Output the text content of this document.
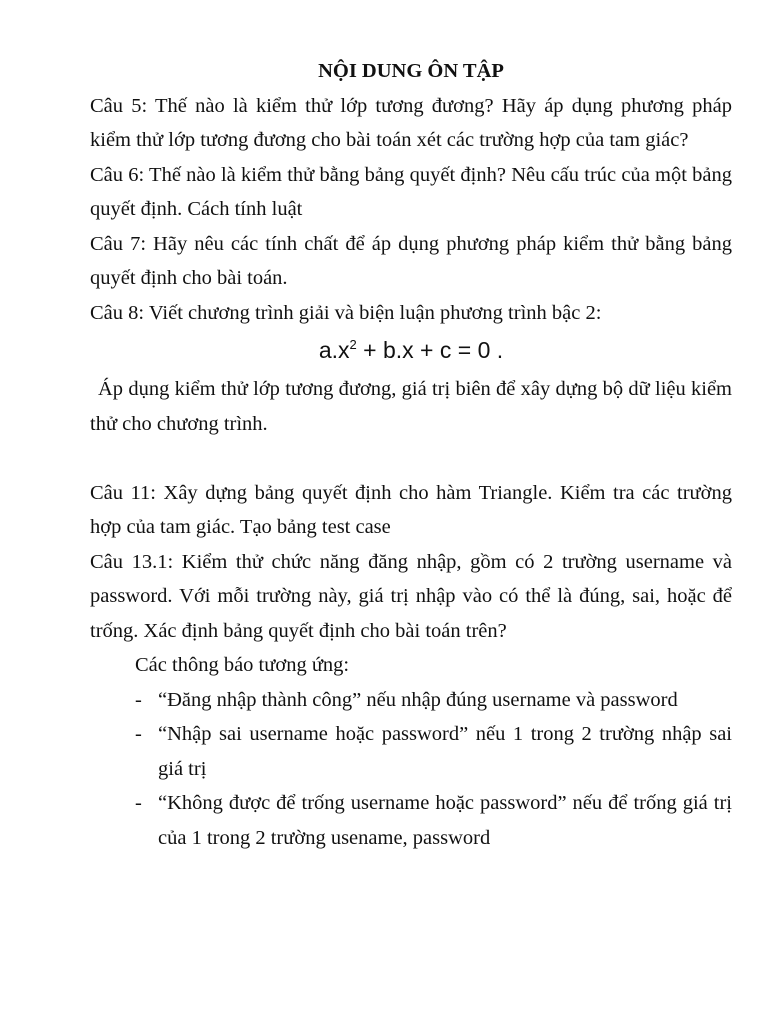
NỘI DUNG ÔN TẬP

Câu 5: Thế nào là kiểm thử lớp tương đương? Hãy áp dụng phương pháp kiểm thử lớp tương đương cho bài toán xét các trường hợp của tam giác?

Câu 6: Thế nào là kiểm thử bằng bảng quyết định? Nêu cấu trúc của một bảng quyết định. Cách tính luật

Câu 7: Hãy nêu các tính chất để áp dụng phương pháp kiểm thử bằng bảng quyết định cho bài toán.

Câu 8: Viết chương trình giải và biện luận phương trình bậc 2:

$a.x^2 + b.x + c = 0$ .

Áp dụng kiểm thử lớp tương đương, giá trị biên để xây dựng bộ dữ liệu kiểm thử cho chương trình.

Câu 11: Xây dựng bảng quyết định cho hàm Triangle. Kiểm tra các trường hợp của tam giác. Tạo bảng test case

Câu 13.1: Kiểm thử chức năng đăng nhập, gồm có 2 trường username và password. Với mỗi trường này, giá trị nhập vào có thể là đúng, sai, hoặc để trống. Xác định bảng quyết định cho bài toán trên?

Các thông báo tương ứng:

- “Đăng nhập thành công” nếu nhập đúng username và password
- “Nhập sai username hoặc password” nếu 1 trong 2 trường nhập sai giá trị
- “Không được để trống username hoặc password” nếu để trống giá trị của 1 trong 2 trường usename, password
